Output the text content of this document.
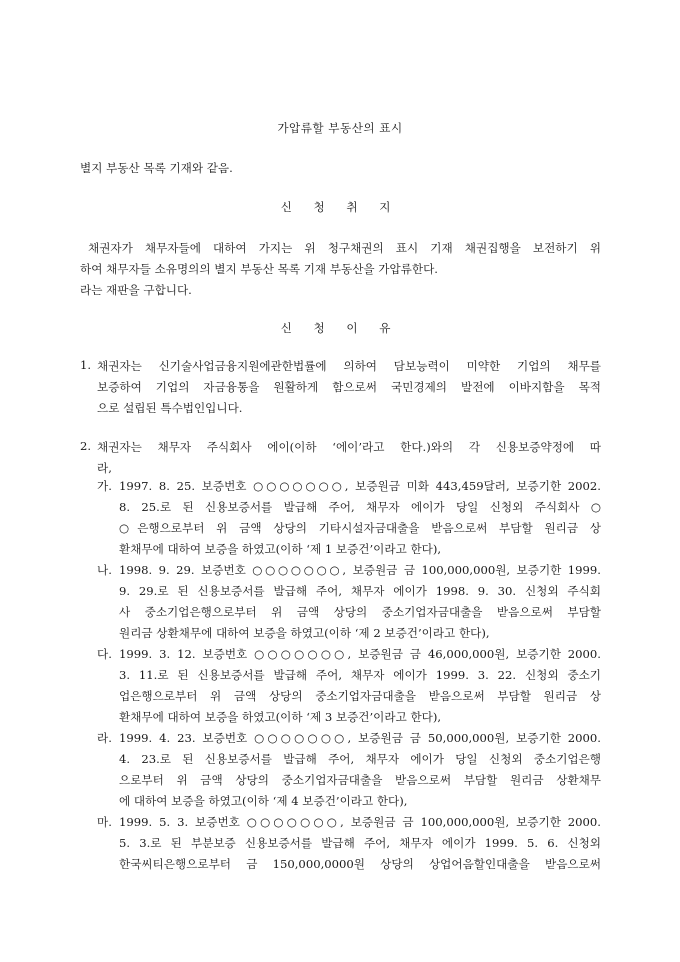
가압류할 부동산의 표시
별지 부동산 목록 기재와 같음.
신 청 취 지
채권자가 채무자들에 대하여 가지는 위 청구채권의 표시 기재 채권집행을 보전하기 위
하여 채무자들 소유명의의 별지 부동산 목록 기재 부동산을 가압류한다.
라는 재판을 구합니다.
신 청 이 유
1. 채권자는 신기술사업금융지원에관한법률에 의하여 담보능력이 미약한 기업의 채무를
보증하여 기업의 자금융통을 원활하게 함으로써 국민경제의 발전에 이바지함을 목적
으로 설립된 특수법인입니다.
2. 채권자는 채무자 주식회사 에이(이하 ‘에이’라고 한다.)와의 각 신용보증약정에 따
라,
가. 1997. 8. 25. 보증번호 ○○○○○○○, 보증원금 미화 443,459달러, 보증기한 2002.
8. 25.로 된 신용보증서를 발급해 주어, 채무자 에이가 당일 신청외 주식회사 ○
○은행으로부터 위 금액 상당의 기타시설자금대출을 받음으로써 부담할 원리금 상
환채무에 대하여 보증을 하였고(이하 ‘제 1 보증건’이라고 한다),
나. 1998. 9. 29. 보증번호 ○○○○○○○, 보증원금 금 100,000,000원, 보증기한 1999.
9. 29.로 된 신용보증서를 발급해 주어, 채무자 에이가 1998. 9. 30. 신청외 주식회
사 중소기업은행으로부터 위 금액 상당의 중소기업자금대출을 받음으로써 부담할
원리금 상환채무에 대하여 보증을 하였고(이하 ‘제 2 보증건’이라고 한다),
다. 1999. 3. 12. 보증번호 ○○○○○○○, 보증원금 금 46,000,000원, 보증기한 2000.
3. 11.로 된 신용보증서를 발급해 주어, 채무자 에이가 1999. 3. 22. 신청외 중소기
업은행으로부터 위 금액 상당의 중소기업자금대출을 받음으로써 부담할 원리금 상
환채무에 대하여 보증을 하였고(이하 ‘제 3 보증건’이라고 한다),
라. 1999. 4. 23. 보증번호 ○○○○○○○, 보증원금 금 50,000,000원, 보증기한 2000.
4. 23.로 된 신용보증서를 발급해 주어, 채무자 에이가 당일 신청외 중소기업은행
으로부터 위 금액 상당의 중소기업자금대출을 받음으로써 부담할 원리금 상환채무
에 대하여 보증을 하였고(이하 ‘제 4 보증건’이라고 한다),
마. 1999. 5. 3. 보증번호 ○○○○○○○, 보증원금 금 100,000,000원, 보증기한 2000.
5. 3.로 된 부분보증 신용보증서를 발급해 주어, 채무자 에이가 1999. 5. 6. 신청외
한국씨티은행으로부터 금 150,000,0000원 상당의 상업어음할인대출을 받음으로써
